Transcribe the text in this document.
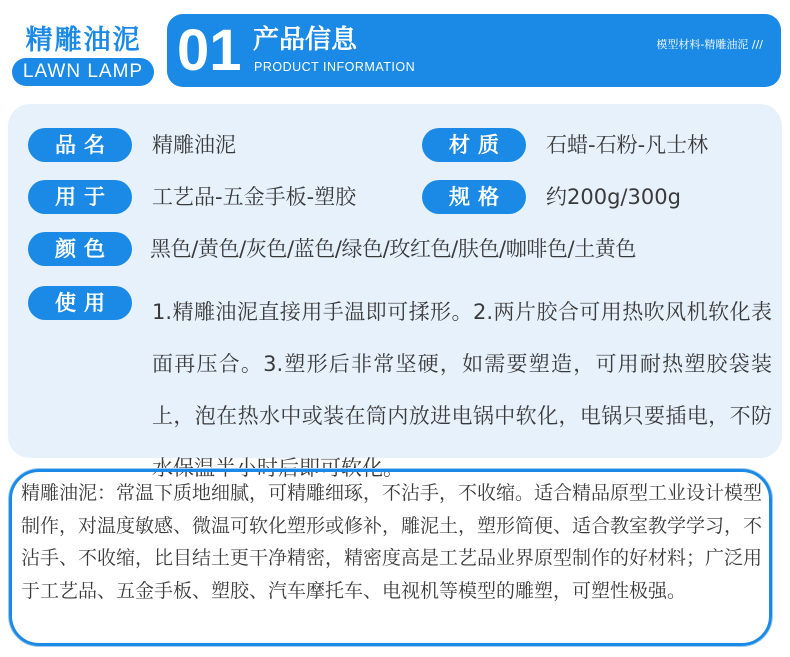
精雕油泥
LAWN LAMP 01 产品信息
PRODUCT INFORMATION
模型材料-精雕油泥 ///
品名	精雕油泥	材质	石蜡-石粉-凡士林
用于	工艺品-五金手板-塑胶	规格	约200g/300g
颜色	黑色/黄色/灰色/蓝色/绿色/玫红色/肤色/咖啡色/土黄色
使用	1.精雕油泥直接用手温即可揉形。2.两片胶合可用热吹风机软化表面再压合。3.塑形后非常坚硬，如需要塑造，可用耐热塑胶袋装上，泡在热水中或装在筒内放进电锅中软化，电锅只要插电，不防水保温半小时后即可软化。
精雕油泥：常温下质地细腻，可精雕细琢，不沾手，不收缩。适合精品原型工业设计模型制作，对温度敏感、微温可软化塑形或修补，雕泥土，塑形简便、适合教室教学学习，不沾手、不收缩，比目结土更干净精密，精密度高是工艺品业界原型制作的好材料；广泛用于工艺品、五金手板、塑胶、汽车摩托车、电视机等模型的雕塑，可塑性极强。
